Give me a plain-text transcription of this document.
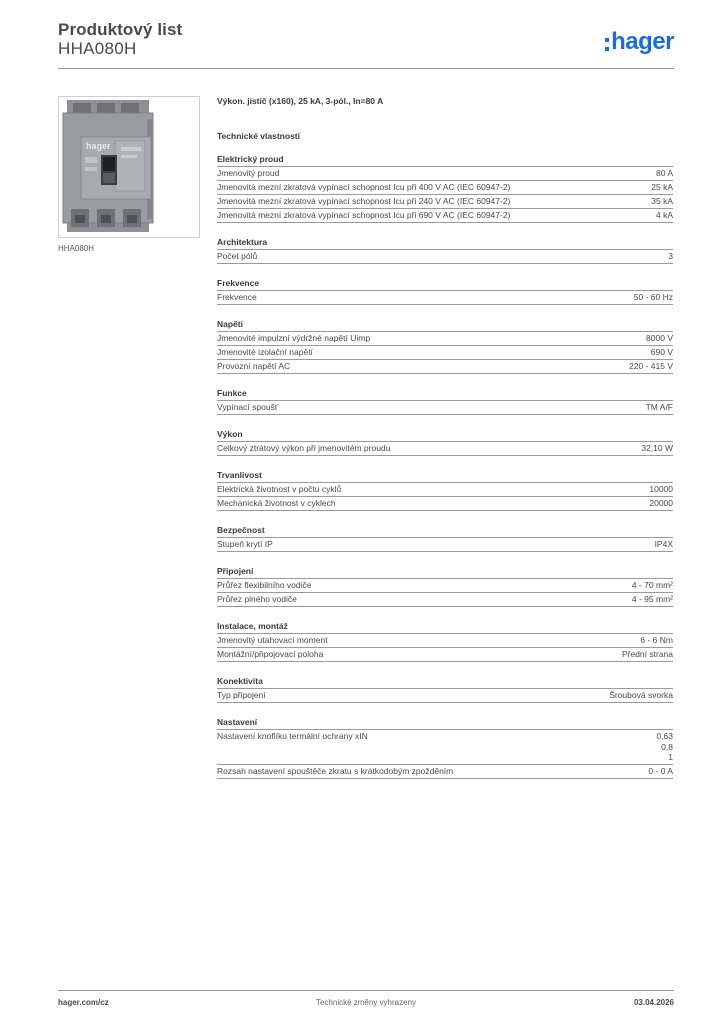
Produktový list
HHA080H	hager
hager
HHA080H
Výkon. jistič (x160), 25 kA, 3-pól., In=80 A
Technické vlastnosti
Elektrický proud
Jmenovitý proud	80 A
Jmenovitá mezní zkratová vypínací schopnost Icu při 400 V AC (IEC 60947-2)	25 kA
Jmenovitá mezní zkratová vypínací schopnost Icu při 240 V AC (IEC 60947-2)	35 kA
Jmenovitá mezní zkratová vypínací schopnost Icu při 690 V AC (IEC 60947-2)	4 kA
Architektura
Počet pólů	3
Frekvence
Frekvence	50 - 60 Hz
Napětí
Jmenovité impulzní výdržné napětí Uimp	8000 V
Jmenovité izolační napětí	690 V
Provozní napětí AC	220 - 415 V
Funkce
Vypínací spoušť	TM A/F
Výkon
Celkový ztrátový výkon při jmenovitém proudu	32,10 W
Trvanlivost
Elektrická životnost v počtu cyklů	10000
Mechanická životnost v cyklech	20000
Bezpečnost
Stupeň krytí IP	IP4X
Připojení
Průřez flexibilního vodiče	4 - 70 mm²
Průřez plného vodiče	4 - 95 mm²
Instalace, montáž
Jmenovitý utahovací moment	6 - 6 Nm
Montážní/připojovací poloha	Přední strana
Konektivita
Typ připojení	Šroubová svorka
Nastavení
Nastavení knoflíku termální ochrany xIN	0,63
0,8
1
Rozsah nastavení spouštěče zkratu s krátkodobým zpožděním	0 - 0 A
hager.com/cz	Technické změny vyhrazeny	03.04.2026
